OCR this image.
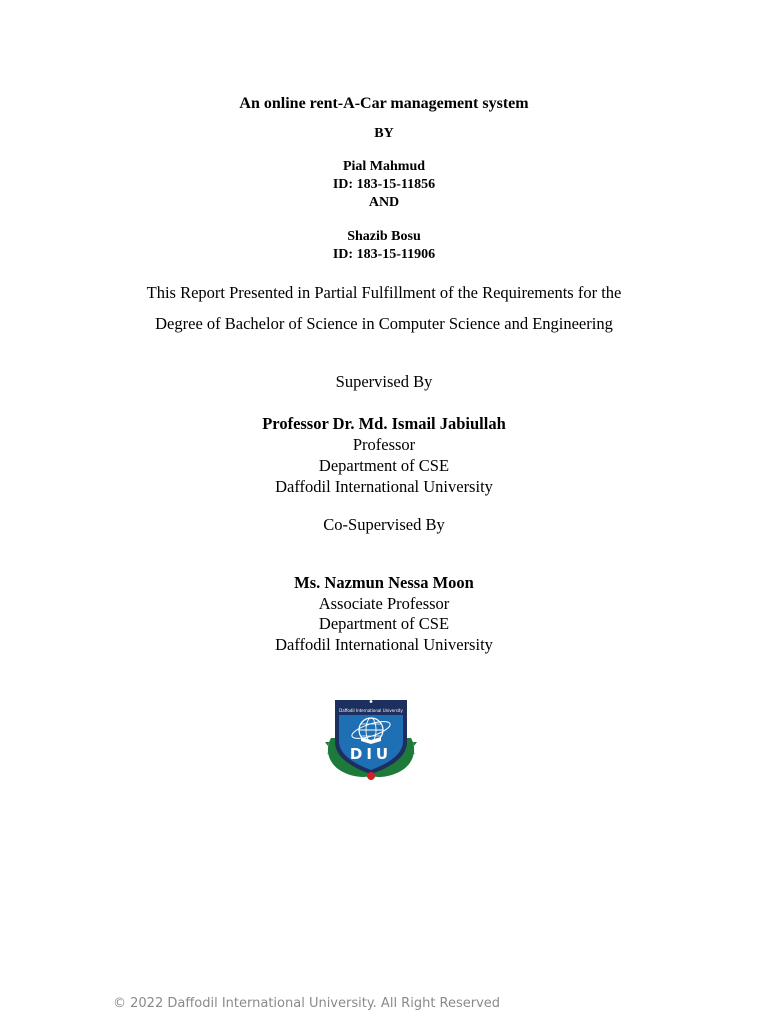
An online rent-A-Car management system
BY
Pial Mahmud
ID: 183-15-11856
AND
Shazib Bosu
ID: 183-15-11906
This Report Presented in Partial Fulfillment of the Requirements for the
Degree of Bachelor of Science in Computer Science and Engineering
Supervised By
Professor Dr. Md. Ismail Jabiullah
Professor
Department of CSE
Daffodil International University
Co-Supervised By
Ms. Nazmun Nessa Moon
Associate Professor
Department of CSE
Daffodil International University
Daffodil International University
DIU
© 2022 Daffodil International University. All Right Reserved
